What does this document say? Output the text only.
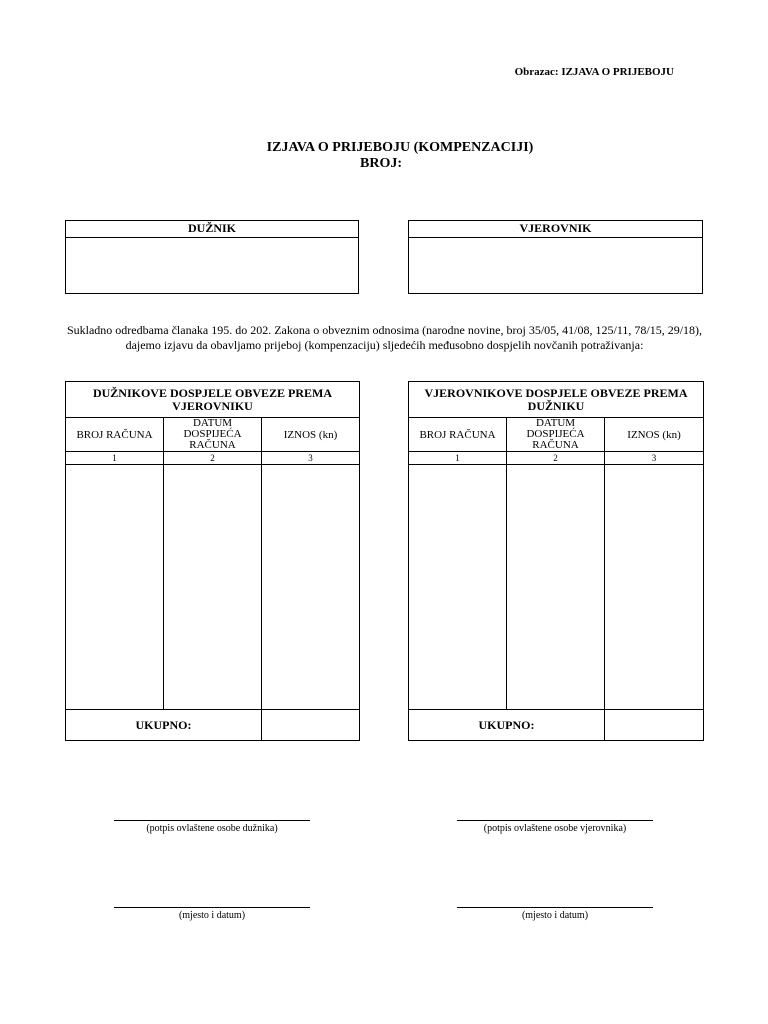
Obrazac: IZJAVA O PRIJEBOJU
IZJAVA O PRIJEBOJU (KOMPENZACIJI)
BROJ:
DUŽNIK	VJEROVNIK
Sukladno odredbama članaka 195. do 202. Zakona o obveznim odnosima (narodne novine, broj 35/05, 41/08, 125/11, 78/15, 29/18), dajemo izjavu da obavljamo prijeboj (kompenzaciju) sljedećih međusobno dospjelih novčanih potraživanja:
DUŽNIKOVE DOSPJELE OBVEZE PREMA VJEROVNIKU		
BROJ RAČUNA	DATUM DOSPIJEĆA RAČUNA	IZNOS (kn)
1	2	3

UKUPNO:		
VJEROVNIKOVE DOSPJELE OBVEZE PREMA DUŽNIKU		
BROJ RAČUNA	DATUM DOSPIJEĆA RAČUNA	IZNOS (kn)
1	2	3

UKUPNO:		
(potpis ovlaštene osobe dužnika)	(potpis ovlaštene osobe vjerovnika)
(mjesto i datum)	(mjesto i datum)
